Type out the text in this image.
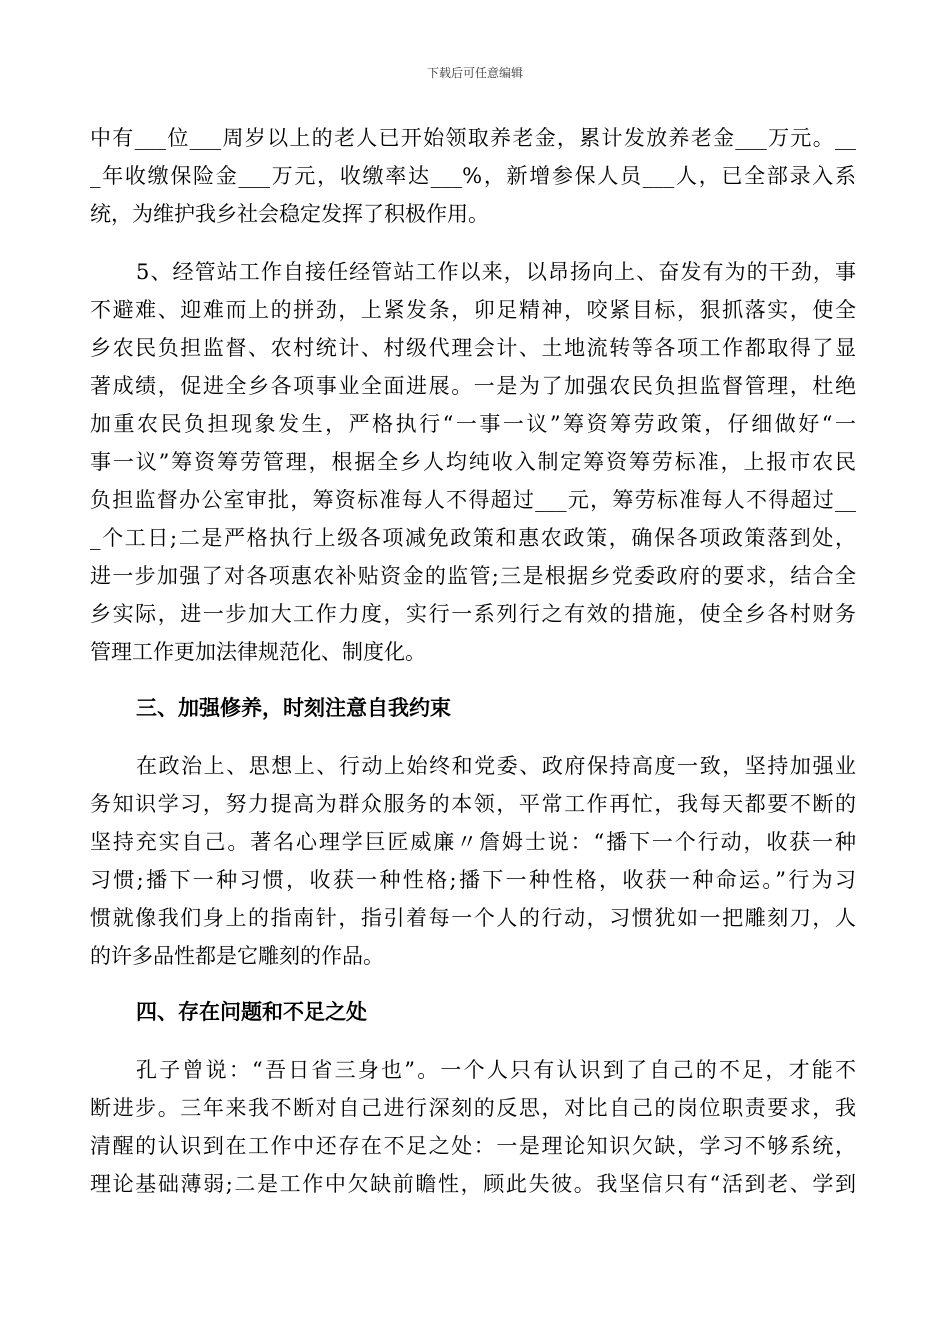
下载后可任意编辑
中有___位___周岁以上的老人已开始领取养老金，累计发放养老金___万元。__
_年收缴保险金___万元，收缴率达___%，新增参保人员___人，已全部录入系
统，为维护我乡社会稳定发挥了积极作用。
5、经管站工作自接任经管站工作以来，以昂扬向上、奋发有为的干劲，事
不避难、迎难而上的拼劲，上紧发条，卯足精神，咬紧目标，狠抓落实，使全
乡农民负担监督、农村统计、村级代理会计、土地流转等各项工作都取得了显
著成绩，促进全乡各项事业全面进展。一是为了加强农民负担监督管理，杜绝
加重农民负担现象发生，严格执行“一事一议”筹资筹劳政策，仔细做好“一
事一议”筹资筹劳管理，根据全乡人均纯收入制定筹资筹劳标准，上报市农民
负担监督办公室审批，筹资标准每人不得超过___元，筹劳标准每人不得超过__
_个工日;二是严格执行上级各项减免政策和惠农政策，确保各项政策落到处，
进一步加强了对各项惠农补贴资金的监管;三是根据乡党委政府的要求，结合全
乡实际，进一步加大工作力度，实行一系列行之有效的措施，使全乡各村财务
管理工作更加法律规范化、制度化。
三、加强修养，时刻注意自我约束
在政治上、思想上、行动上始终和党委、政府保持高度一致，坚持加强业
务知识学习，努力提高为群众服务的本领，平常工作再忙，我每天都要不断的
坚持充实自己。著名心理学巨匠威廉〃詹姆士说：“播下一个行动，收获一种
习惯;播下一种习惯，收获一种性格;播下一种性格，收获一种命运。”行为习
惯就像我们身上的指南针，指引着每一个人的行动，习惯犹如一把雕刻刀，人
的许多品性都是它雕刻的作品。
四、存在问题和不足之处
孔子曾说：“吾日省三身也”。一个人只有认识到了自己的不足，才能不
断进步。三年来我不断对自己进行深刻的反思，对比自己的岗位职责要求，我
清醒的认识到在工作中还存在不足之处：一是理论知识欠缺，学习不够系统，
理论基础薄弱;二是工作中欠缺前瞻性，顾此失彼。我坚信只有“活到老、学到
